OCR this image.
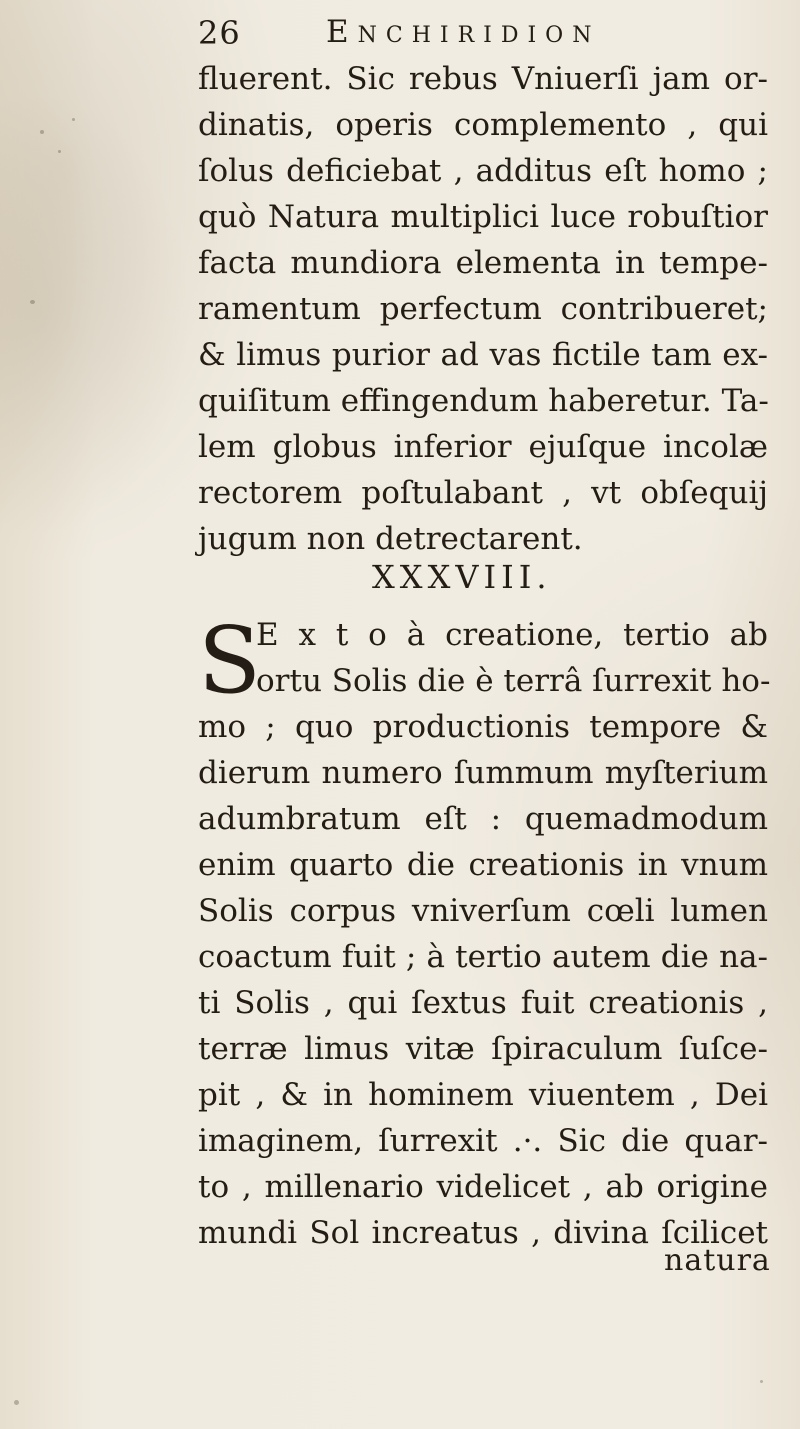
26	Enchiridion
fluerent. Sic rebus Vniuerſi jam or-
dinatis, operis complemento , qui
ſolus deficiebat , additus eſt homo ;
quò Natura multiplici luce robuſtior
facta mundiora elementa in tempe-
ramentum perfectum contribueret;
& limus purior ad vas fictile tam ex-
quiſitum effingendum haberetur. Ta-
lem globus inferior ejuſque incolæ
rectorem poſtulabant , vt obſequij
jugum non detrectarent.
XXXVIII.
S
E x t o à creatione, tertio ab
ortu Solis die è terrâ ſurrexit ho-
mo ; quo productionis tempore &
dierum numero ſummum myſterium
adumbratum eſt : quemadmodum
enim quarto die creationis in vnum
Solis corpus vniverſum cœli lumen
coactum fuit ; à tertio autem die na-
ti Solis , qui ſextus fuit creationis ,
terræ limus vitæ ſpiraculum ſuſce-
pit , & in hominem viuentem , Dei
imaginem, ſurrexit .·. Sic die quar-
to , millenario videlicet , ab origine
mundi Sol increatus , divina ſcilicet
natura
